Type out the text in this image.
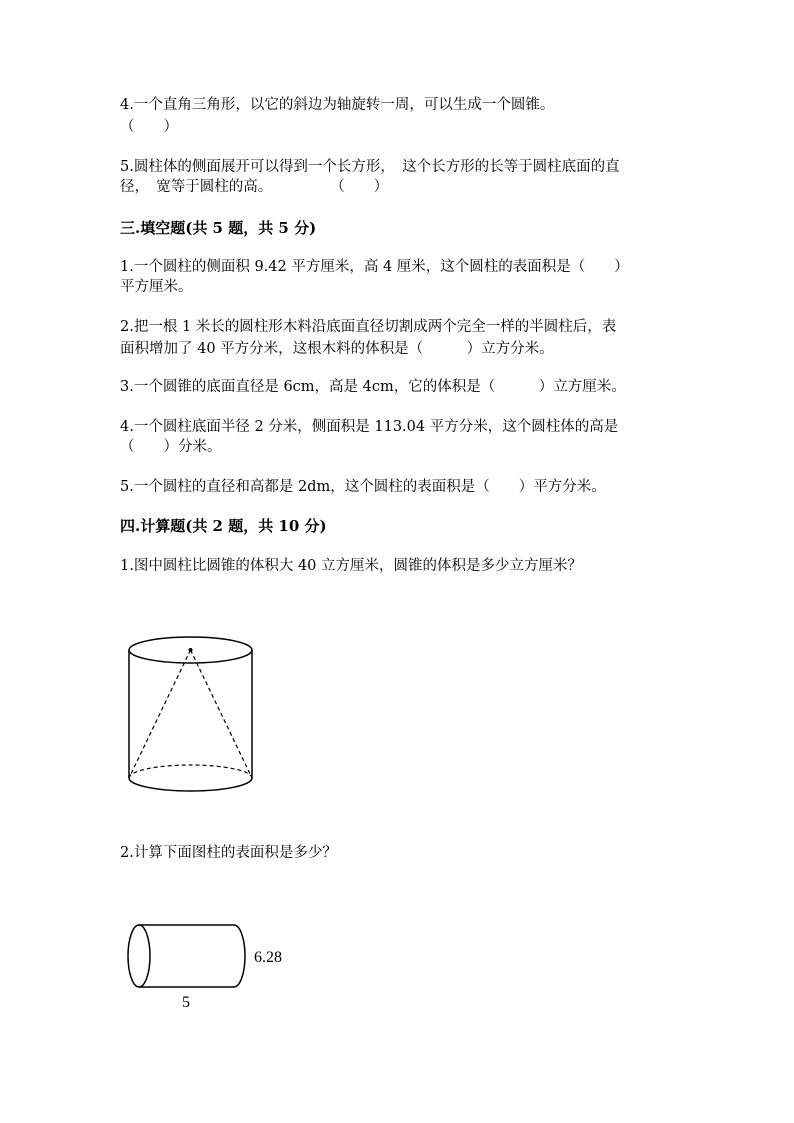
4.一个直角三角形，以它的斜边为轴旋转一周，可以生成一个圆锥。

（　　）

5.圆柱体的侧面展开可以得到一个长方形，　这个长方形的长等于圆柱底面的直

径，　宽等于圆柱的高。　　　　　（　　）

三.填空题(共 5 题，共 5 分)

1.一个圆柱的侧面积 9.42 平方厘米，高 4 厘米，这个圆柱的表面积是（　　）

平方厘米。

2.把一根 1 米长的圆柱形木料沿底面直径切割成两个完全一样的半圆柱后，表

面积增加了 40 平方分米，这根木料的体积是（　　　）立方分米。

3.一个圆锥的底面直径是 6cm，高是 4cm，它的体积是（　　　）立方厘米。

4.一个圆柱底面半径 2 分米，侧面积是 113.04 平方分米，这个圆柱体的高是

（　　）分米。

5.一个圆柱的直径和高都是 2dm，这个圆柱的表面积是（　　）平方分米。

四.计算题(共 2 题，共 10 分)

1.图中圆柱比圆锥的体积大 40 立方厘米，圆锥的体积是多少立方厘米？

2.计算下面图柱的表面积是多少？

6.28
5
